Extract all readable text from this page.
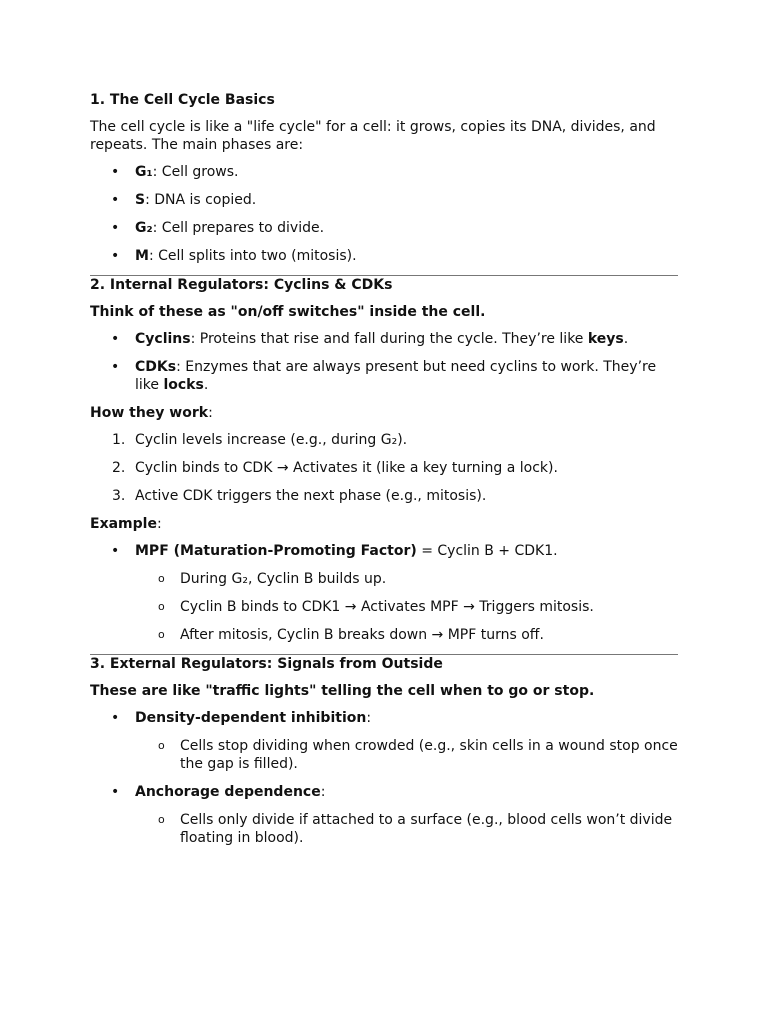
1. The Cell Cycle Basics
The cell cycle is like a "life cycle" for a cell: it grows, copies its DNA, divides, and repeats. The main phases are:
• G₁: Cell grows.
• S: DNA is copied.
• G₂: Cell prepares to divide.
• M: Cell splits into two (mitosis).
2. Internal Regulators: Cyclins & CDKs
Think of these as "on/off switches" inside the cell.
• Cyclins: Proteins that rise and fall during the cycle. They’re like keys.
• CDKs: Enzymes that are always present but need cyclins to work. They’re like locks.
How they work:
1. Cyclin levels increase (e.g., during G₂).
2. Cyclin binds to CDK → Activates it (like a key turning a lock).
3. Active CDK triggers the next phase (e.g., mitosis).
Example:
• MPF (Maturation-Promoting Factor) = Cyclin B + CDK1.
o During G₂, Cyclin B builds up.
o Cyclin B binds to CDK1 → Activates MPF → Triggers mitosis.
o After mitosis, Cyclin B breaks down → MPF turns off.
3. External Regulators: Signals from Outside
These are like "traffic lights" telling the cell when to go or stop.
• Density-dependent inhibition:
o Cells stop dividing when crowded (e.g., skin cells in a wound stop once the gap is filled).
• Anchorage dependence:
o Cells only divide if attached to a surface (e.g., blood cells won’t divide floating in blood).
